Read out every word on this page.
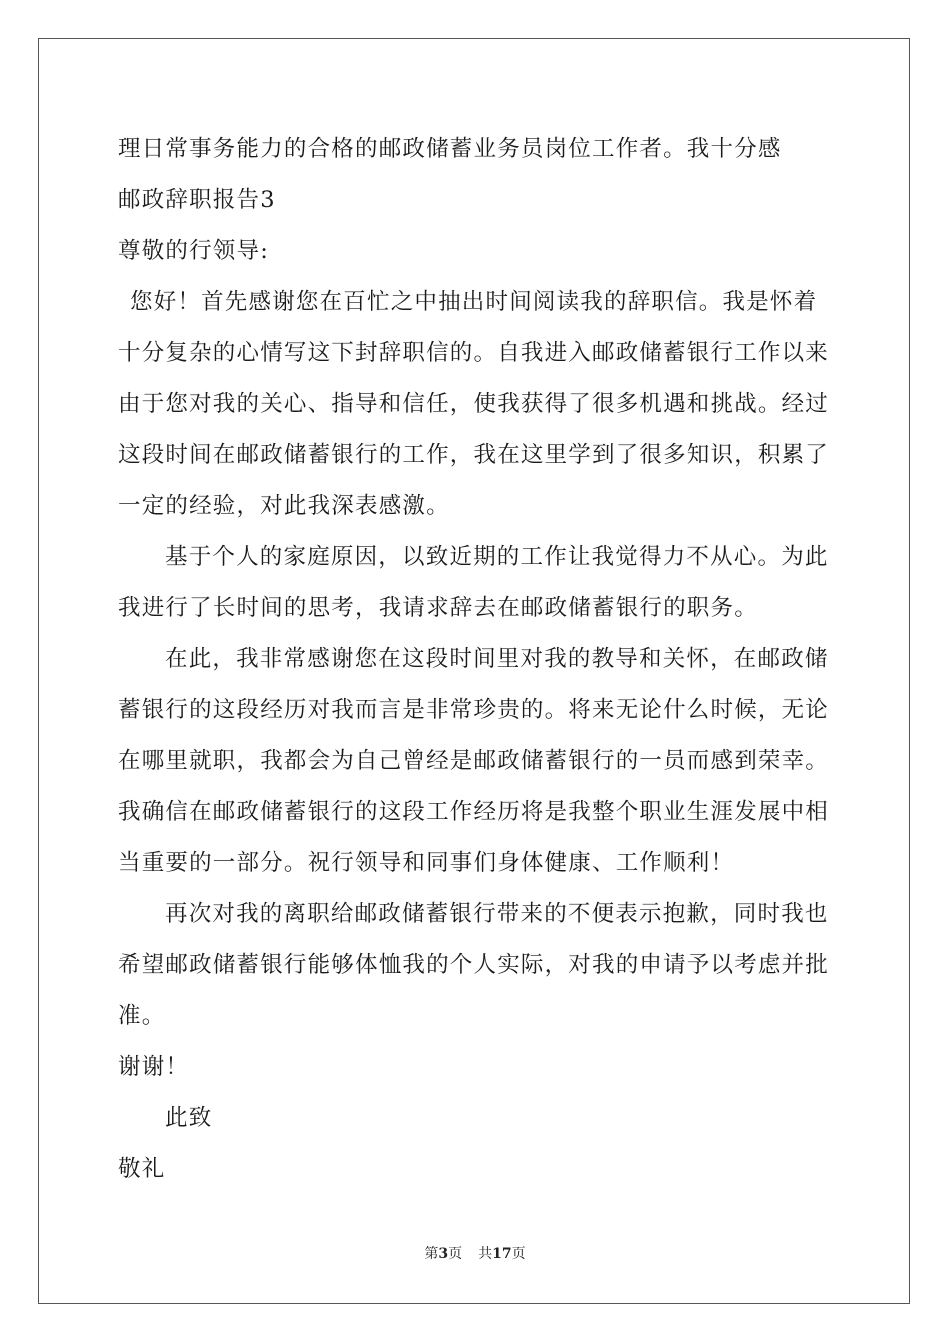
理日常事务能力的合格的邮政储蓄业务员岗位工作者。我十分感
邮政辞职报告3
尊敬的行领导:
您好！首先感谢您在百忙之中抽出时间阅读我的辞职信。我是怀着
十分复杂的心情写这下封辞职信的。自我进入邮政储蓄银行工作以来
由于您对我的关心、指导和信任，使我获得了很多机遇和挑战。经过
这段时间在邮政储蓄银行的工作，我在这里学到了很多知识，积累了
一定的经验，对此我深表感激。
基于个人的家庭原因，以致近期的工作让我觉得力不从心。为此
我进行了长时间的思考，我请求辞去在邮政储蓄银行的职务。
在此，我非常感谢您在这段时间里对我的教导和关怀，在邮政储
蓄银行的这段经历对我而言是非常珍贵的。将来无论什么时候，无论
在哪里就职，我都会为自己曾经是邮政储蓄银行的一员而感到荣幸。
我确信在邮政储蓄银行的这段工作经历将是我整个职业生涯发展中相
当重要的一部分。祝行领导和同事们身体健康、工作顺利！
再次对我的离职给邮政储蓄银行带来的不便表示抱歉，同时我也
希望邮政储蓄银行能够体恤我的个人实际，对我的申请予以考虑并批
准。
谢谢！
此致
敬礼
第3页 共17页
